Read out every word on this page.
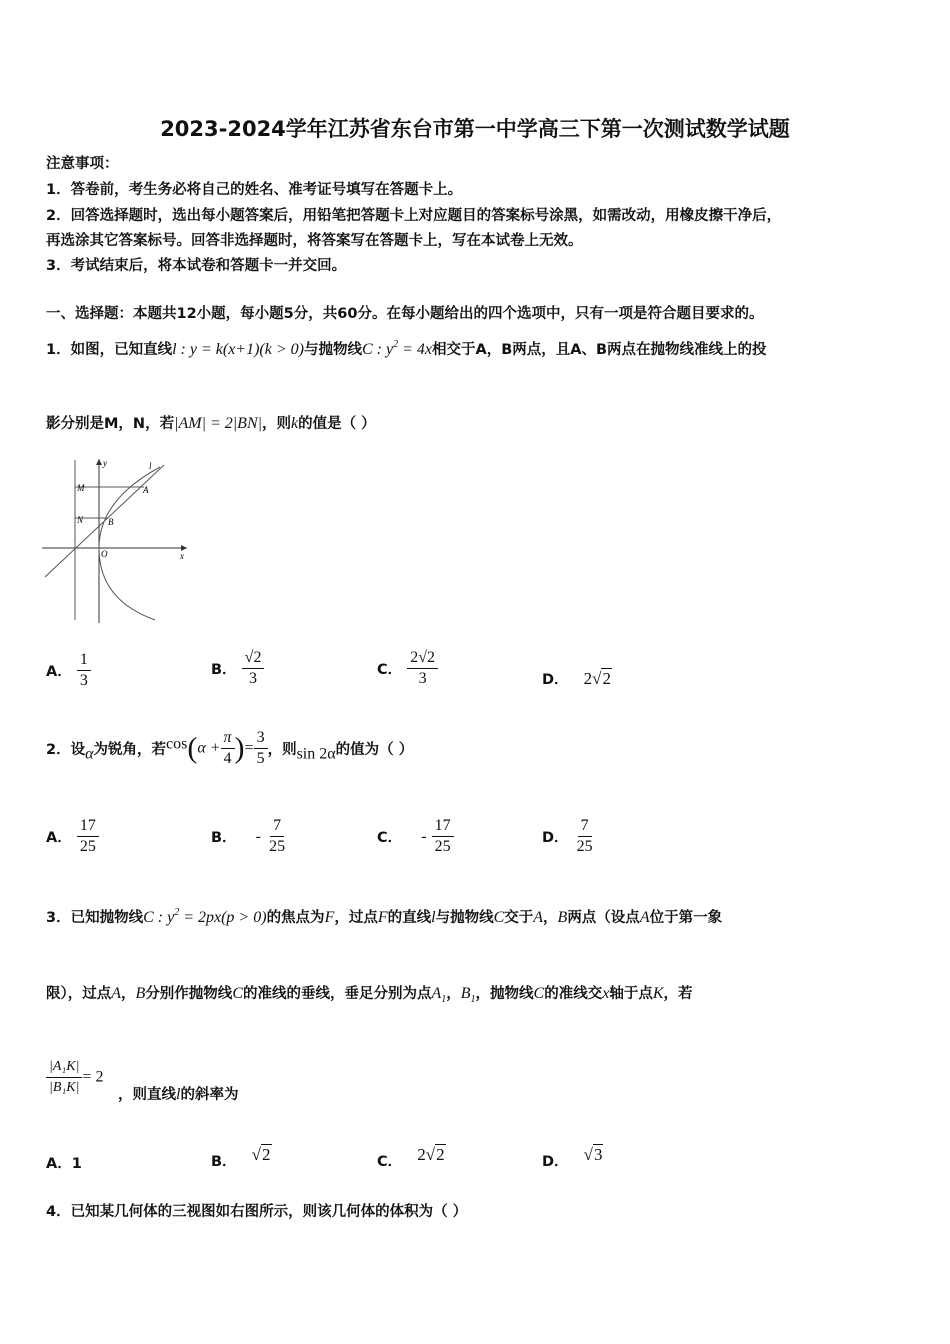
2023-2024学年江苏省东台市第一中学高三下第一次测试数学试题
注意事项：
1．答卷前，考生务必将自己的姓名、准考证号填写在答题卡上。
2．回答选择题时，选出每小题答案后，用铅笔把答题卡上对应题目的答案标号涂黑，如需改动，用橡皮擦干净后，
再选涂其它答案标号。回答非选择题时，将答案写在答题卡上，写在本试卷上无效。
3．考试结束后，将本试卷和答题卡一并交回。
一、选择题：本题共12小题，每小题5分，共60分。在每小题给出的四个选项中，只有一项是符合题目要求的。
1．如图，已知直线l : y = k(x+1)(k > 0)与抛物线C : $y^2 = 4x$相交于A，B两点，且A、B两点在抛物线准线上的投
影分别是M，N，若|AM| = 2|BN|，则k的值是（ ）
M
N
A
B
O
y
x
l
A． $\frac{1}{3}$	B． $\frac{√2}{3}$	C． $\frac{2√2}{3}$	D． 2√2
2．设α为锐角，若$\cos(\alpha + \frac{\pi}{4}$ )= $\frac{3}{5}$ ，则sin 2α的值为（ ）
A． $\frac{17}{25}$	B． - $\frac{7}{25}$	C． - $\frac{17}{25}$	D． $\frac{7}{25}$
3．已知抛物线C : $y^2 = 2px(p > 0)$的焦点为F，过点F的直线l与抛物线C交于A，B两点（设点A位于第一象
限），过点A，B分别作抛物线C的准线的垂线，垂足分别为点$A_1$，$B_1$，抛物线C的准线交x轴于点K，若
$\frac{\text{|A₁K|}}{\text{|B₁K|}} = 2$
，则直线l的斜率为
A．1	B． √2	C． 2√2	D． √3
4．已知某几何体的三视图如右图所示，则该几何体的体积为（ ）
